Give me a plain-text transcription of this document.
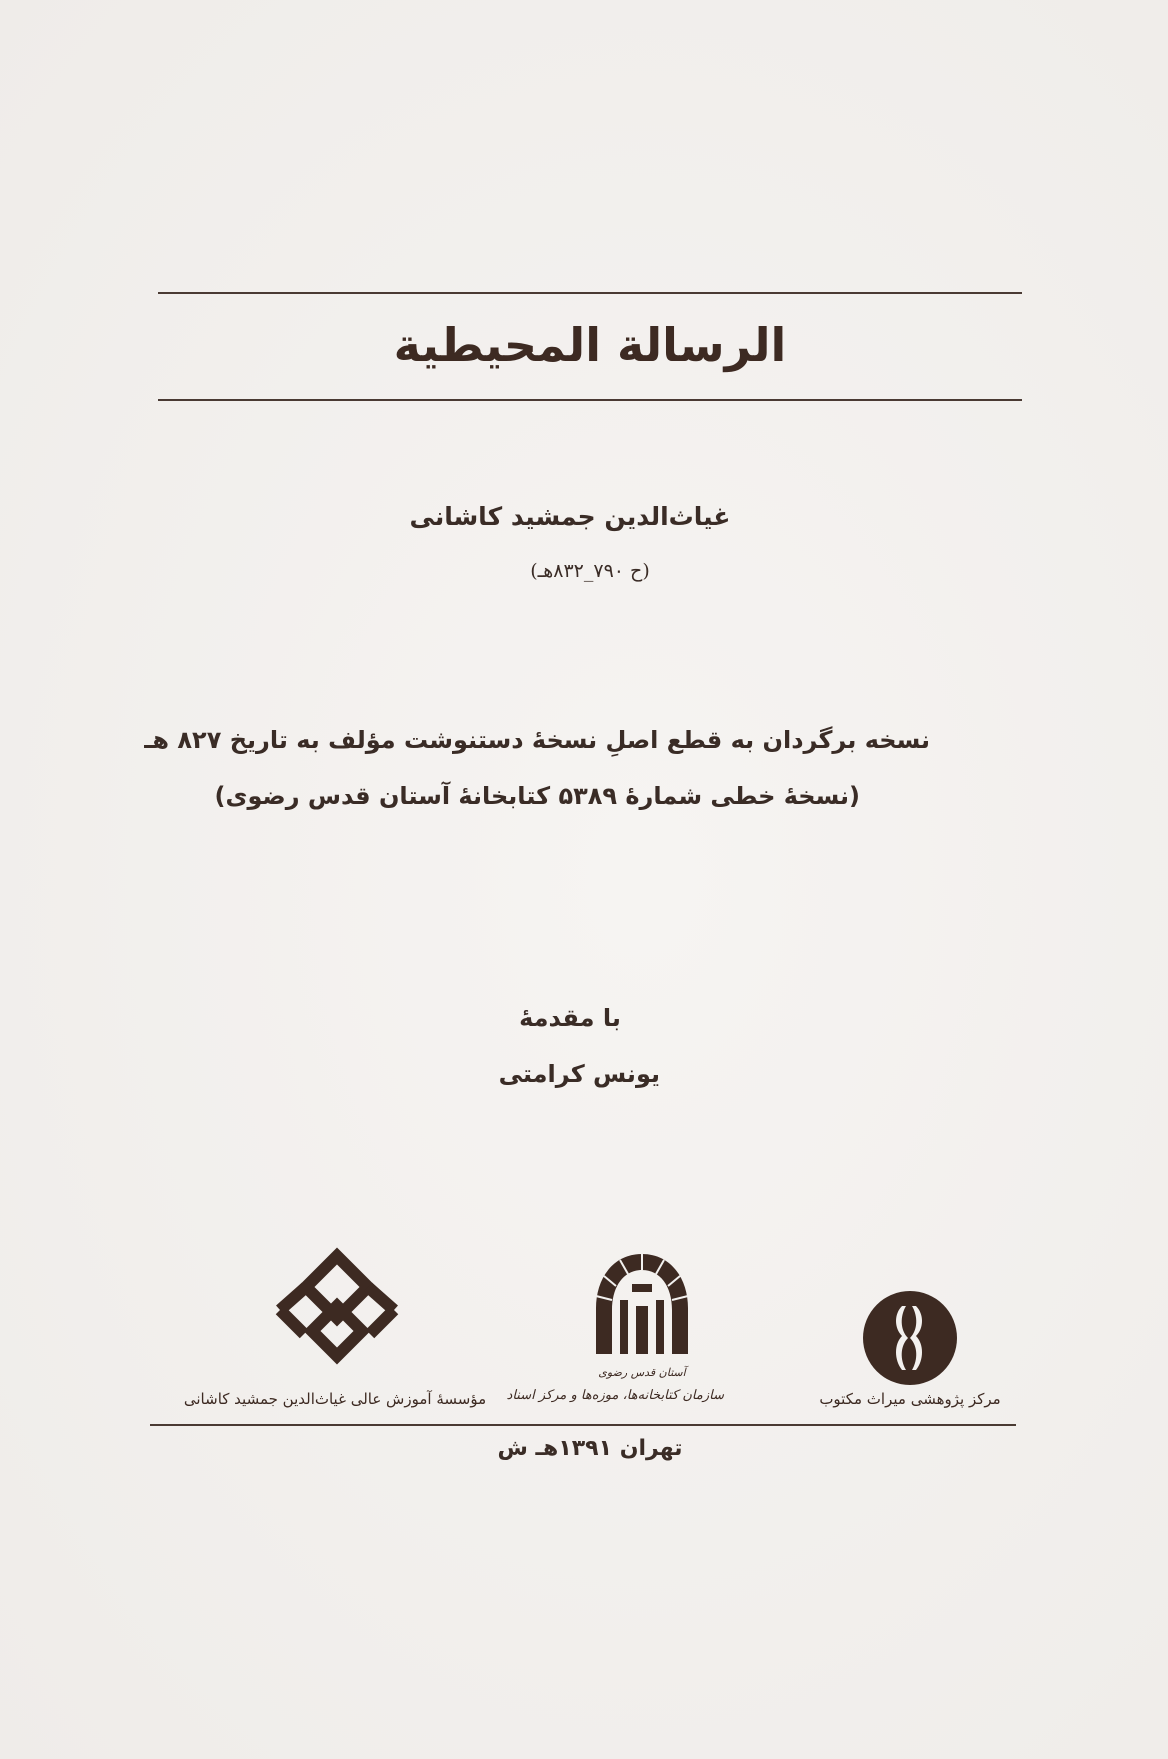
الرسالة المحيطية
غیاث‌الدین جمشید کاشانی
(ح ۷۹۰_۸۳۲هـ)
نسخه برگردان به قطع اصلِ نسخهٔ دستنوشت مؤلف به تاریخ ۸۲۷ هـ
(نسخهٔ خطی شمارهٔ ۵۳۸۹ کتابخانهٔ آستان قدس رضوی)
با مقدمهٔ
یونس کرامتی
مؤسسهٔ آموزش عالی غیاث‌الدین جمشید کاشانی
آستان قدس رضوی
سازمان کتابخانه‌ها، موزه‌ها و مرکز اسناد	مرکز پژوهشی میراث مکتوب
تهران ۱۳۹۱هـ ش
